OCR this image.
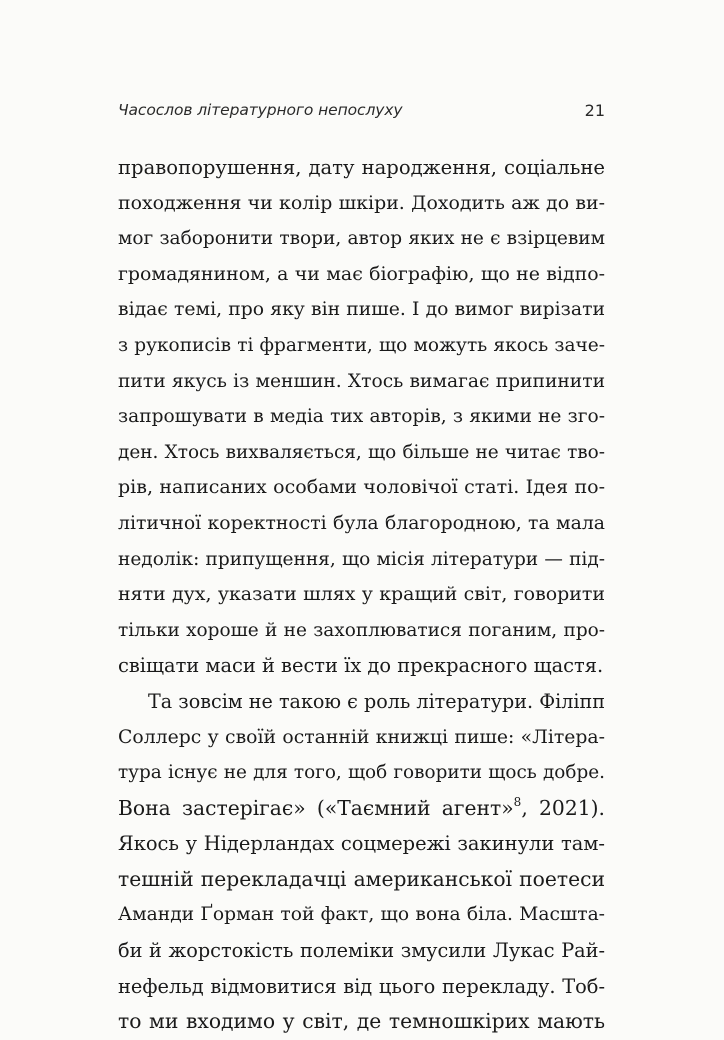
Часослов літературного непослуху	21
правопорушення, дату народження, соціальне
походження чи колір шкіри. Доходить аж до ви-
мог заборонити твори, автор яких не є взірцевим
громадянином, а чи має біографію, що не відпо-
відає темі, про яку він пише. І до вимог вирізати
з рукописів ті фрагменти, що можуть якось заче-
пити якусь із меншин. Хтось вимагає припинити
запрошувати в медіа тих авторів, з якими не зго-
ден. Хтось вихваляється, що більше не читає тво-
рів, написаних особами чоловічої статі. Ідея по-
літичної коректності була благородною, та мала
недолік: припущення, що місія літератури — під-
няти дух, указати шлях у кращий світ, говорити
тільки хороше й не захоплюватися поганим, про-
свіщати маси й вести їх до прекрасного щастя.
Та зовсім не такою є роль літератури. Філіпп
Соллерс у своїй останній книжці пише: «Літера-
тура існує не для того, щоб говорити щось добре.
Вона застерігає» («Таємний агент»$^8$, 2021).
Якось у Нідерландах соцмережі закинули там-
тешній перекладачці американської поетеси
Аманди Ґорман той факт, що вона біла. Масшта-
би й жорстокість полеміки змусили Лукас Рай-
нефельд відмовитися від цього перекладу. Тоб-
то ми входимо у світ, де темношкірих мають
